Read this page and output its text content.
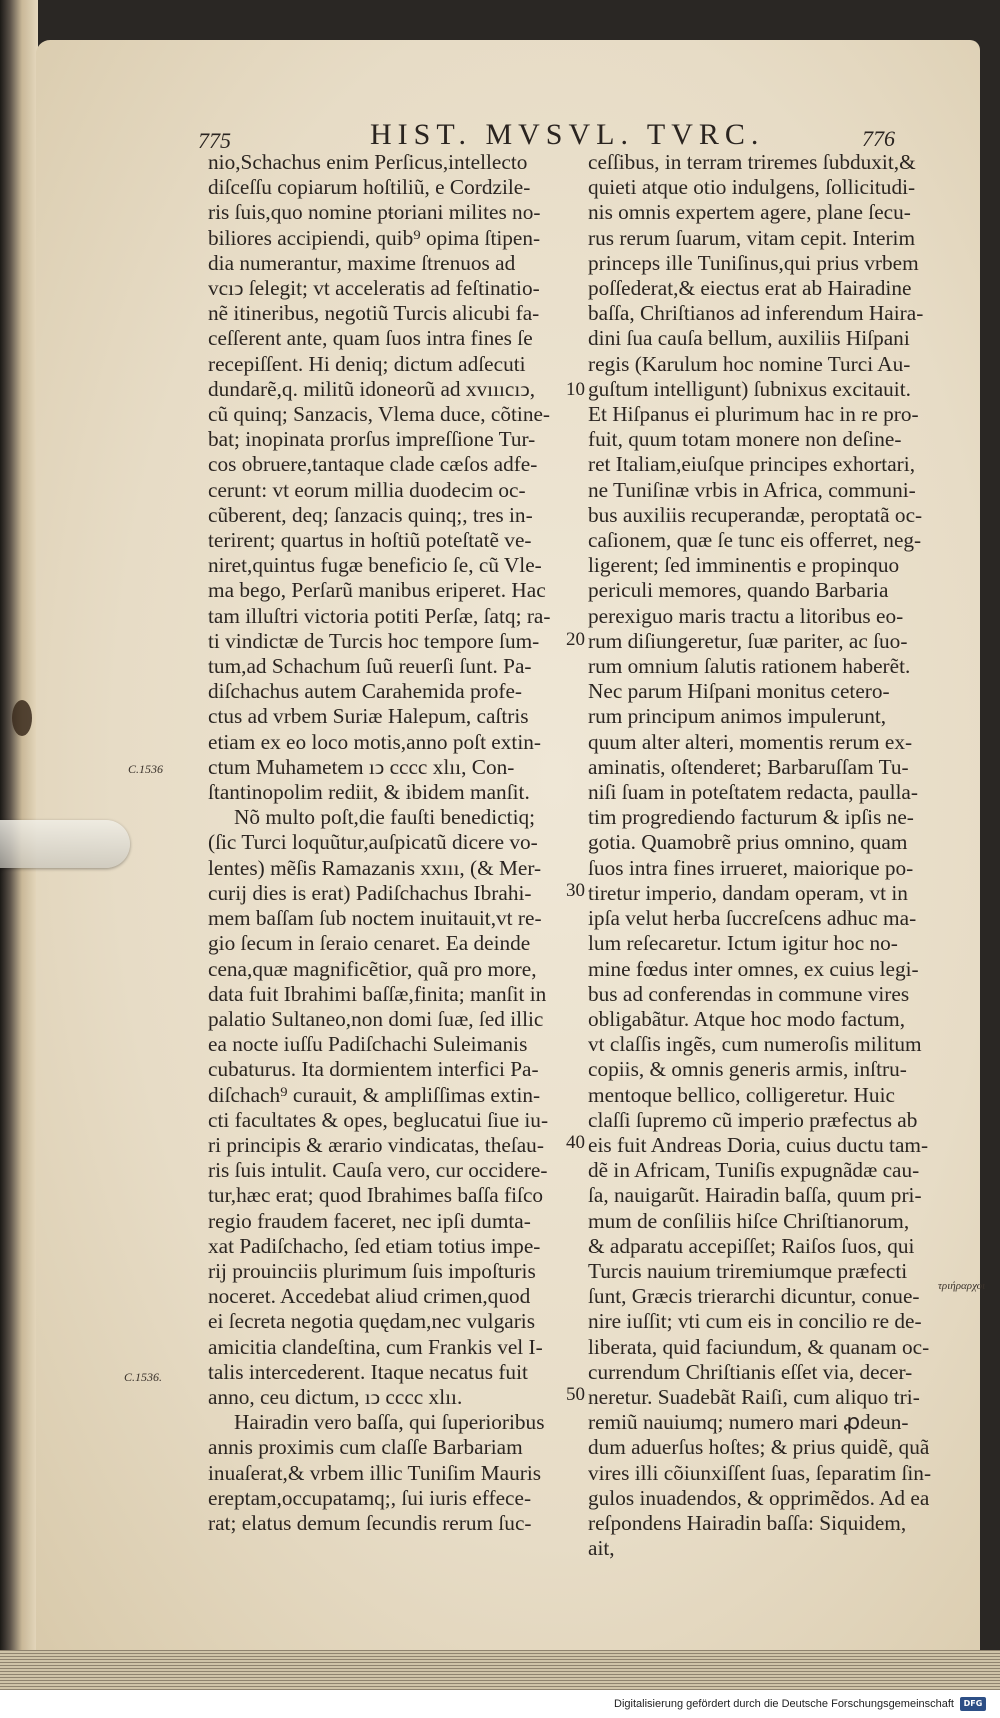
775	HIST. MVSVL. TVRC.	776

nio,Schachus enim Perſicus,intellecto

diſceſſu copiarum hoſtiliũ, e Cordzile-

ris ſuis,quo nomine pŧoriani milites no-

biliores accipiendi, quib⁹ opima ſtipen-

dia numerantur, maxime ſtrenuos ad

vcıↄ ſelegit; vt acceleratis ad feſtinatio-

nẽ itineribus, negotiũ Turcis alicubi fa-

ceſſerent ante, quam ſuos intra fines ſe

recepiſſent. Hi deniq; dictum adſecuti

dundarẽ,q. militũ idoneorũ ad xvıııcıↄ,

cũ quinq; Sanzacis, Vlema duce, cõtine-

bat; inopinata prorſus impreſſione Tur-

cos obruere,tantaque clade cæſos adfe-

cerunt: vt eorum millia duodecim oc-

cũberent, deq; ſanzacis quinq;, tres in-

terirent; quartus in hoſtiũ poteſtatẽ ve-

niret,quintus fugæ beneficio ſe, cũ Vle-

ma bego, Perſarũ manibus eriperet. Hac

tam illuſtri victoria potiti Perſæ, ſatq; ra-

ti vindictæ de Turcis hoc tempore ſum-

tum,ad Schachum ſuũ reuerſi ſunt. Pa-

diſchachus autem Carahemida profe-

ctus ad vrbem Suriæ Halepum, caſtris

etiam ex eo loco motis,anno poſt extin-

ctum Muhametem ıↄ cccc xlıı, Con-

ſtantinopolim rediit, & ibidem manſit.

Nõ multo poſt,die fauſti benedictiq;

(ſic Turci loquũtur,auſpicatũ dicere vo-

lentes) mẽſis Ramazanis xxııı, (& Mer-

curij dies is erat) Padiſchachus Ibrahi-

mem baſſam ſub noctem inuitauit,vt re-

gio ſecum in ſeraio cenaret. Ea deinde

cena,quæ magnificẽtior, quã pro more,

data fuit Ibrahimi baſſæ,finita; manſit in

palatio Sultaneo,non domi ſuæ, ſed illic

ea nocte iuſſu Padiſchachi Suleimanis

cubaturus. Ita dormientem interfici Pa-

diſchach⁹ curauit, & ampliſſimas extin-

cti facultates & opes, beglucatui ſiue iu-

ri principis & ærario vindicatas, theſau-

ris ſuis intulit. Cauſa vero, cur occidere-

tur,hæc erat; quod Ibrahimes baſſa fiſco

regio fraudem faceret, nec ipſi dumta-

xat Padiſchacho, ſed etiam totius impe-

rij prouinciis plurimum ſuis impoſturis

noceret. Accedebat aliud crimen,quod

ei ſecreta negotia quędam,nec vulgaris

amicitia clandeſtina, cum Frankis vel I-

talis intercederent. Itaque necatus fuit

anno, ceu dictum, ıↄ cccc xlıı.

Hairadin vero baſſa, qui ſuperioribus

annis proximis cum claſſe Barbariam

inuaſerat,& vrbem illic Tuniſim Mauris

ereptam,occupatamq;, ſui iuris effece-

rat; elatus demum ſecundis rerum ſuc-

ceſſibus, in terram triremes ſubduxit,&

quieti atque otio indulgens, ſollicitudi-

nis omnis expertem agere, plane ſecu-

rus rerum ſuarum, vitam cepit. Interim

princeps ille Tuniſinus,qui prius vrbem

poſſederat,& eiectus erat ab Hairadine

baſſa, Chriſtianos ad inferendum Haira-

dini ſua cauſa bellum, auxiliis Hiſpani

regis (Karulum hoc nomine Turci Au-

guſtum intelligunt) ſubnixus excitauit.

Et Hiſpanus ei plurimum hac in re pro-

fuit, quum totam monere non deſine-

ret Italiam,eiuſque principes exhortari,

ne Tuniſinæ vrbis in Africa, communi-

bus auxiliis recuperandæ, peroptatã oc-

caſionem, quæ ſe tunc eis offerret, neg-

ligerent; ſed imminentis e propinquo

periculi memores, quando Barbaria

perexiguo maris tractu a litoribus eo-

rum diſiungeretur, ſuæ pariter, ac ſuo-

rum omnium ſalutis rationem haberẽt.

Nec parum Hiſpani monitus cetero-

rum principum animos impulerunt,

quum alter alteri, momentis rerum ex-

aminatis, oſtenderet; Barbaruſſam Tu-

niſi ſuam in poteſtatem redacta, paulla-

tim progrediendo facturum & ipſis ne-

gotia. Quamobrẽ prius omnino, quam

ſuos intra fines irrueret, maiorique po-

tiretur imperio, dandam operam, vt in

ipſa velut herba ſuccreſcens adhuc ma-

lum reſecaretur. Ictum igitur hoc no-

mine fœdus inter omnes, ex cuius legi-

bus ad conferendas in commune vires

obligabãtur. Atque hoc modo factum,

vt claſſis ingẽs, cum numeroſis militum

copiis, & omnis generis armis, inſtru-

mentoque bellico, colligeretur. Huic

claſſi ſupremo cũ imperio præfectus ab

eis fuit Andreas Doria, cuius ductu tam-

dẽ in Africam, Tuniſis expugnãdæ cau-

ſa, nauigarũt. Hairadin baſſa, quum pri-

mum de conſiliis hiſce Chriſtianorum,

& adparatu accepiſſet; Raiſos ſuos, qui

Turcis nauium triremiumque præfecti

ſunt, Græcis trierarchi dicuntur, conue-

nire iuſſit; vti cum eis in concilio re de-

liberata, quid faciundum, & quanam oc-

currendum Chriſtianis eſſet via, decer-

neretur. Suadebãt Raiſi, cum aliquo tri-

remiũ nauiumq; numero mari ꝓdeun-

dum aduerſus hoſtes; & prius quidẽ, quã

vires illi cõiunxiſſent ſuas, ſeparatim ſin-

gulos inuadendos, & opprimẽdos. Ad ea

reſpondens Hairadin baſſa: Siquidem,

ait,

10
20
30
40
50
C.1536
C.1536.
τριήραρχοι
Digitalisierung gefördert durch die Deutsche Forschungsgemeinschaft	DFG
